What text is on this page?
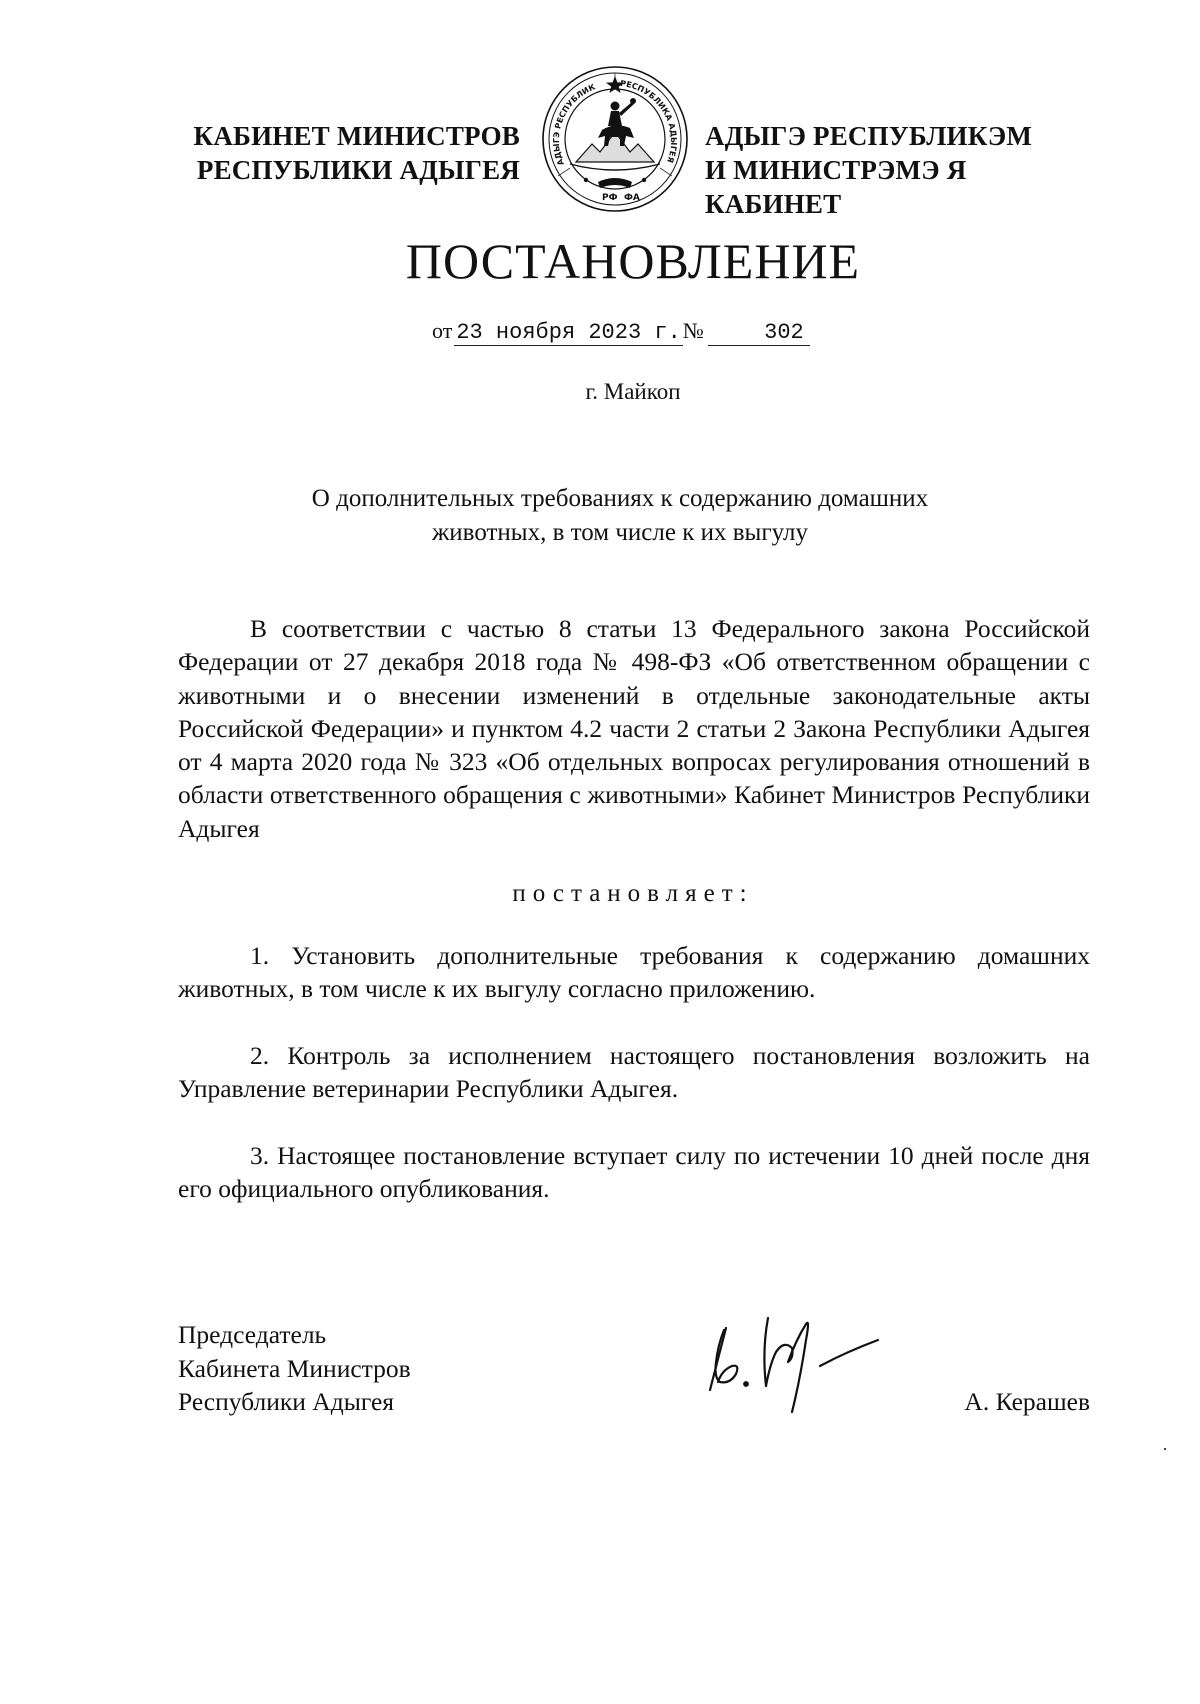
КАБИНЕТ МИНИСТРОВ
РЕСПУБЛИКИ АДЫГЕЯ	АДЫГЭ РЕСПУБЛИК	РЕСПУБЛИКА АДЫГЕЯ
РФ ФА
АДЫГЭ РЕСПУБЛИКЭМ
И МИНИСТРЭМЭ Я КАБИНЕТ
ПОСТАНОВЛЕНИЕ
от 23 ноября 2023 г.№	302
г. Майкоп
О дополнительных требованиях к содержанию домашних
животных, в том числе к их выгулу
В соответствии с частью 8 статьи 13 Федерального закона Российской Федерации от 27 декабря 2018 года № 498-ФЗ «Об ответственном обращении с животными и о внесении изменений в отдельные законодательные акты Российской Федерации» и пунктом 4.2 части 2 статьи 2 Закона Республики Адыгея от 4 марта 2020 года № 323 «Об отдельных вопросах регулирования отношений в области ответственного обращения с животными» Кабинет Министров Республики Адыгея
постановляет:
1. Установить дополнительные требования к содержанию домашних животных, в том числе к их выгулу согласно приложению.
2. Контроль за исполнением настоящего постановления возложить на Управление ветеринарии Республики Адыгея.
3. Настоящее постановление вступает силу по истечении 10 дней после дня его официального опубликования.
Председатель
Кабинета Министров
Республики Адыгея	А. Керашев
